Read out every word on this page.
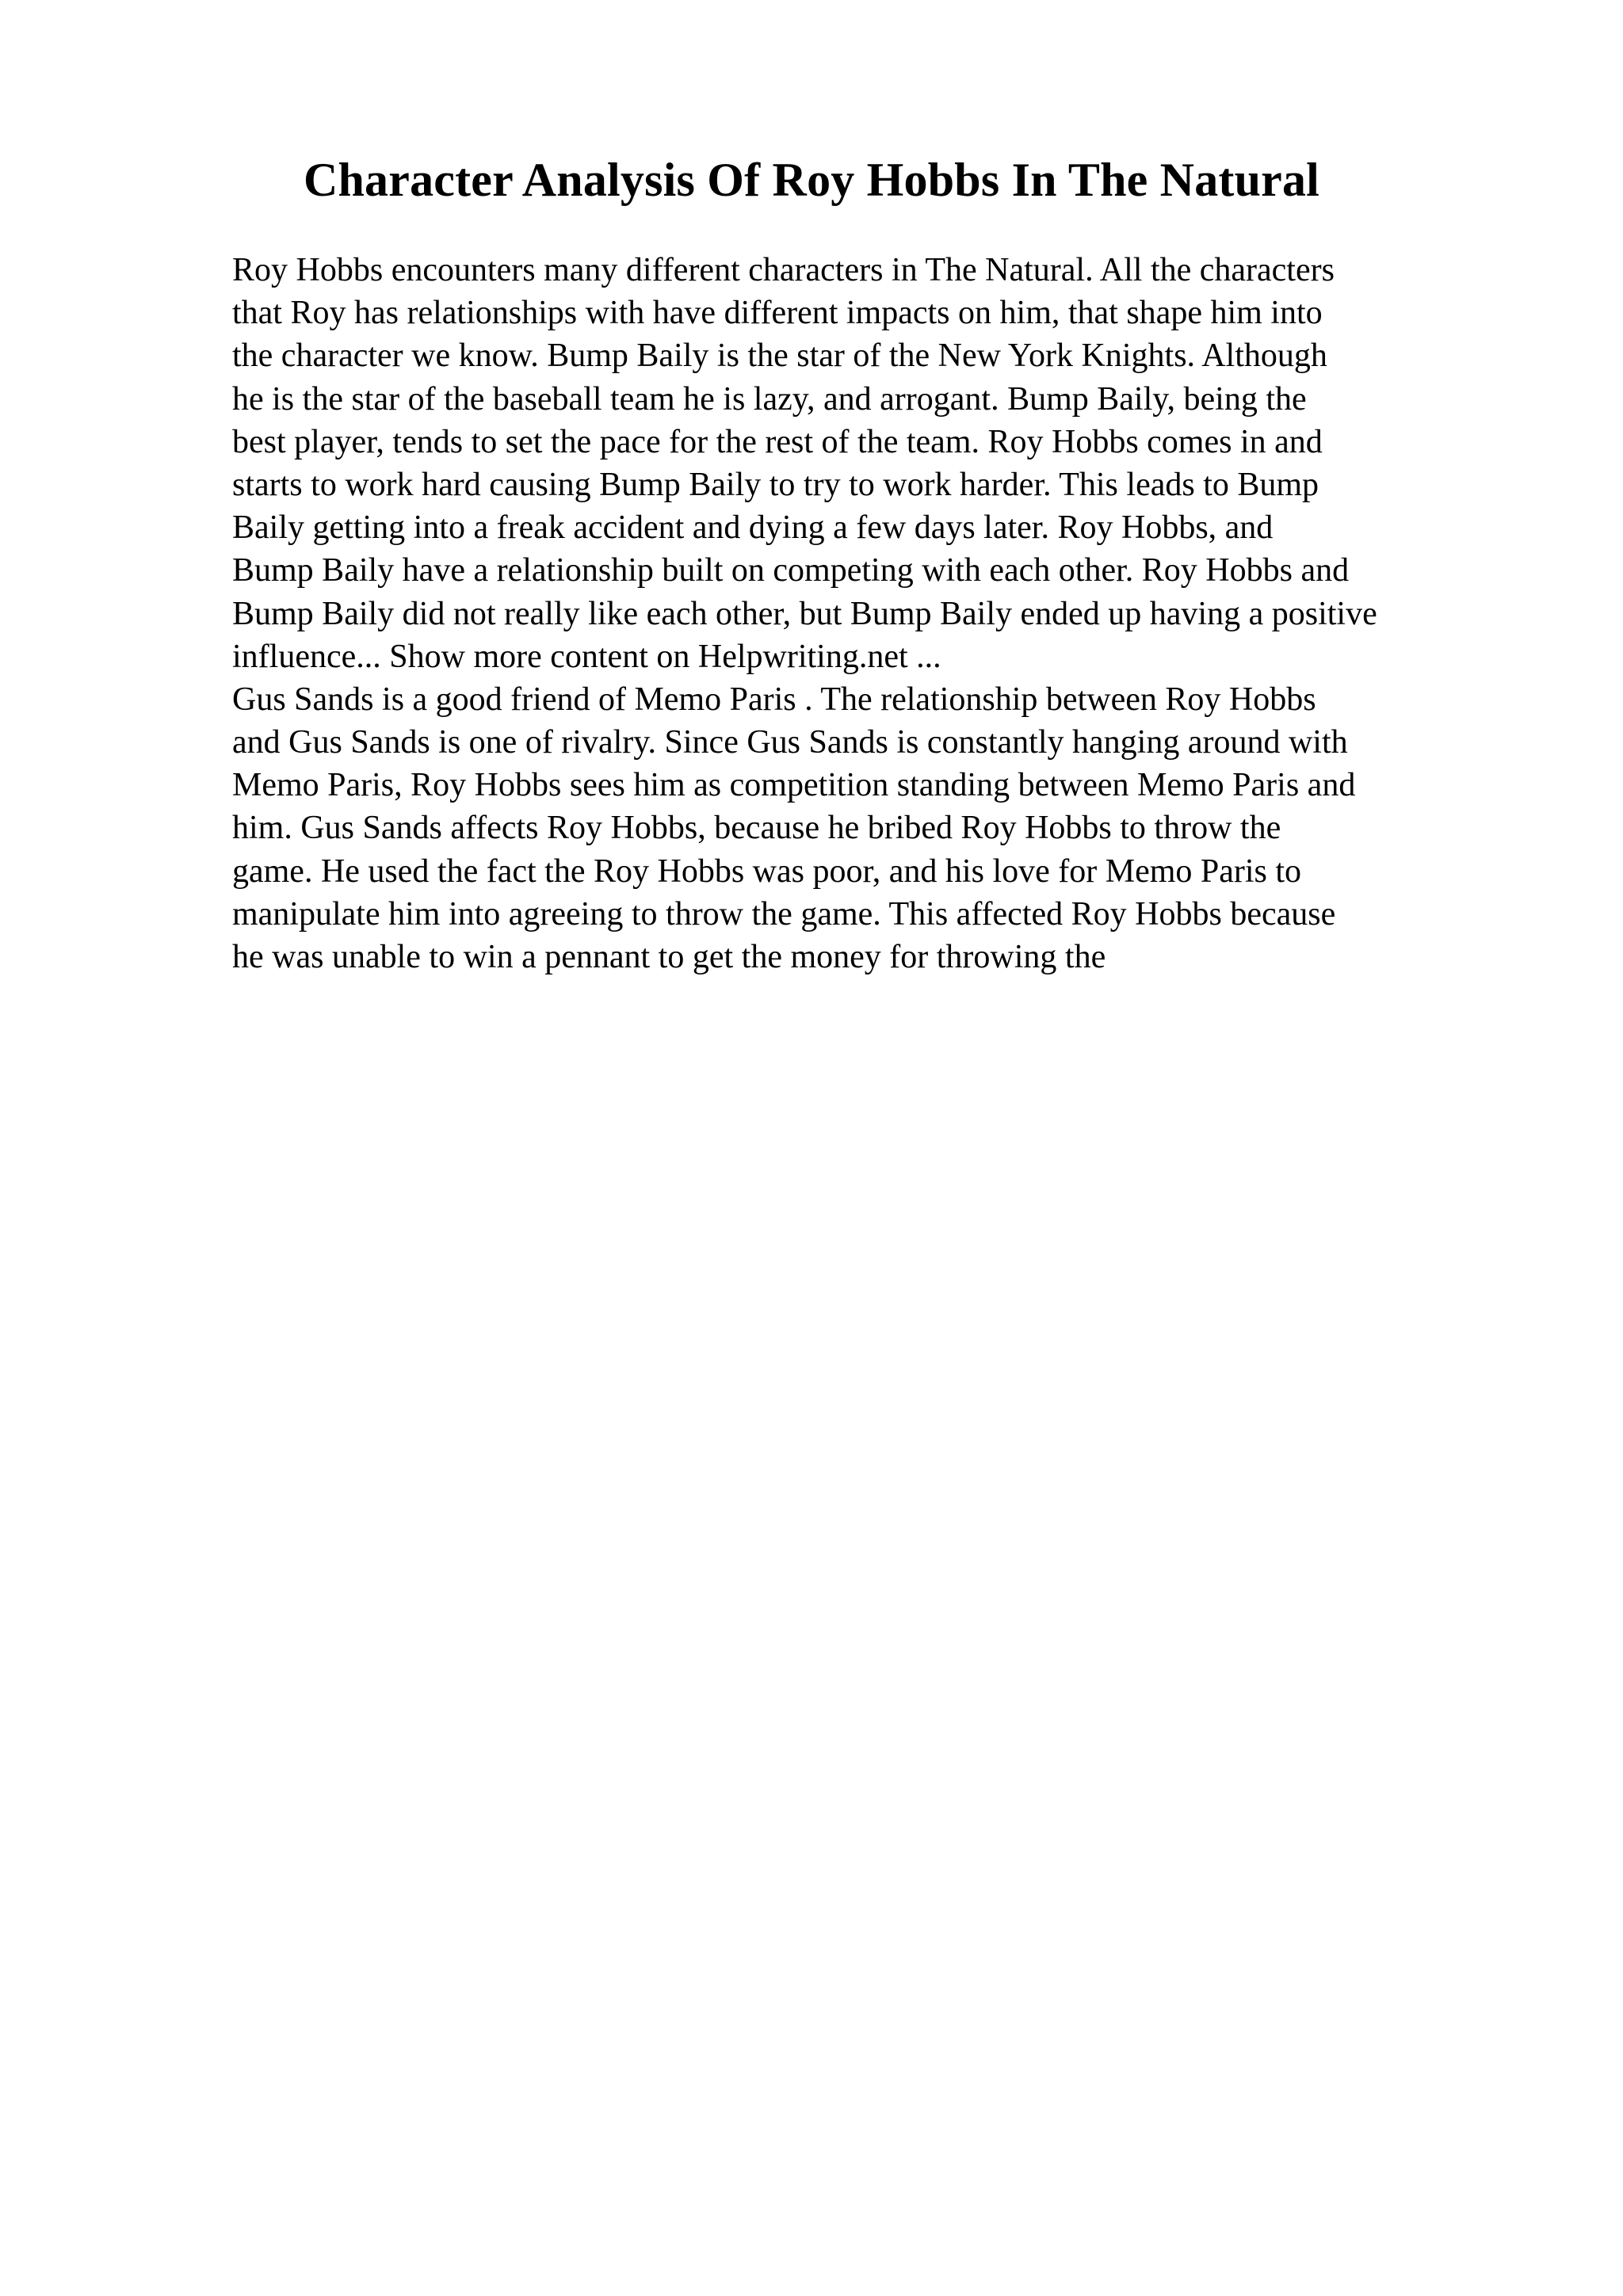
Character Analysis Of Roy Hobbs In The Natural
Roy Hobbs encounters many different characters in The Natural. All the characters
that Roy has relationships with have different impacts on him, that shape him into
the character we know. Bump Baily is the star of the New York Knights. Although
he is the star of the baseball team he is lazy, and arrogant. Bump Baily, being the
best player, tends to set the pace for the rest of the team. Roy Hobbs comes in and
starts to work hard causing Bump Baily to try to work harder. This leads to Bump
Baily getting into a freak accident and dying a few days later. Roy Hobbs, and
Bump Baily have a relationship built on competing with each other. Roy Hobbs and
Bump Baily did not really like each other, but Bump Baily ended up having a positive
influence... Show more content on Helpwriting.net ...
Gus Sands is a good friend of Memo Paris . The relationship between Roy Hobbs
and Gus Sands is one of rivalry. Since Gus Sands is constantly hanging around with
Memo Paris, Roy Hobbs sees him as competition standing between Memo Paris and
him. Gus Sands affects Roy Hobbs, because he bribed Roy Hobbs to throw the
game. He used the fact the Roy Hobbs was poor, and his love for Memo Paris to
manipulate him into agreeing to throw the game. This affected Roy Hobbs because
he was unable to win a pennant to get the money for throwing the
